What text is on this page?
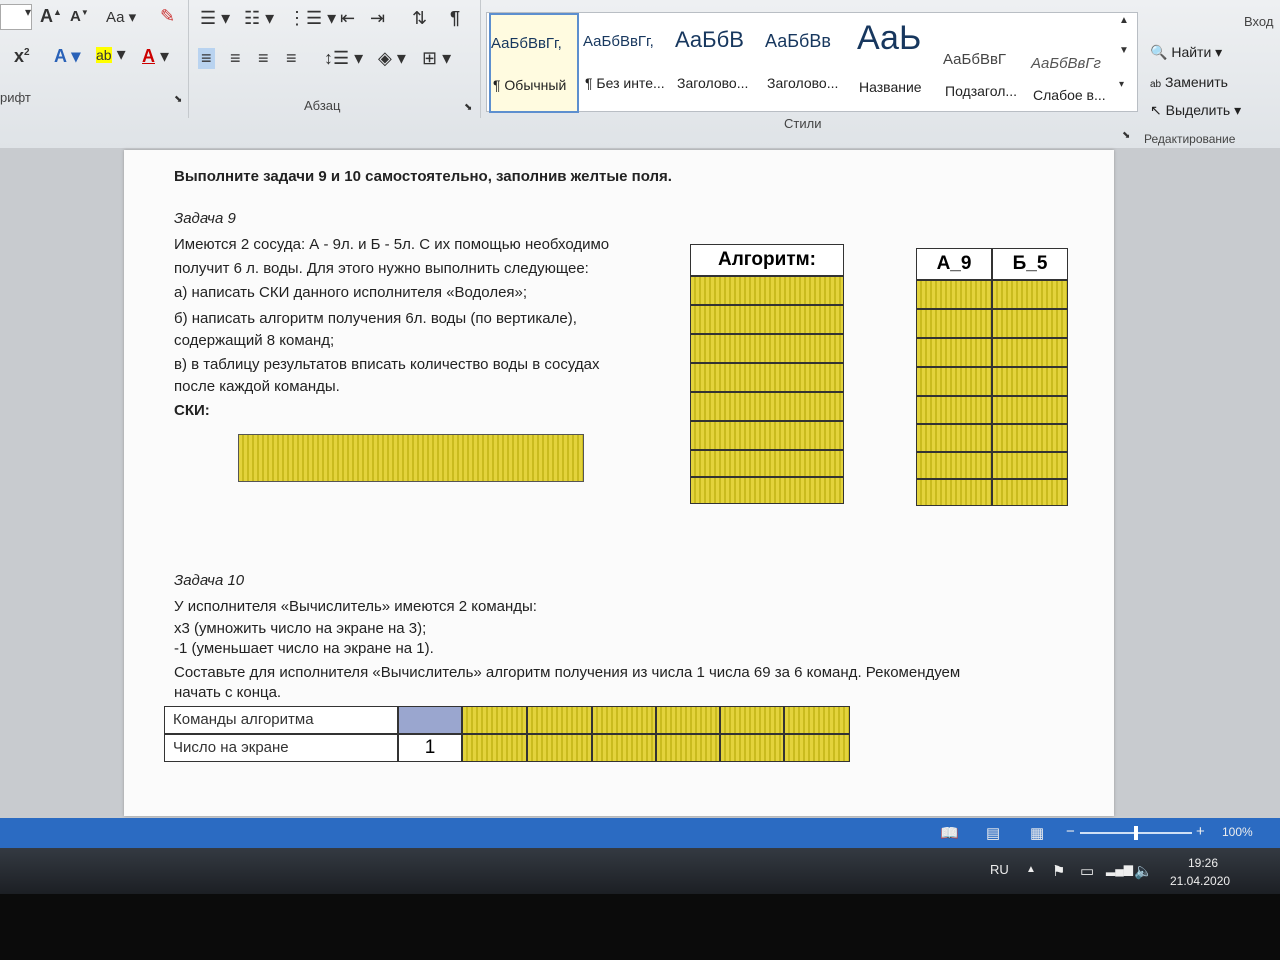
▾ A▲ A▼ Аа ▾ ✎
$x^2$ A ▾ ab ▾ A ▾
рифт	⬊
☰ ▾ ☷ ▾ ⋮☰ ▾ ⇤ ⇥ ⇅ ¶
≡ ≡ ≡ ≡ ↕☰ ▾ ◈ ▾ ⊞ ▾
Абзац	⬊
АаБбВвГг,
¶ Обычный
АаБбВвГг,
¶ Без инте...
АаБбВ
Заголово...
АаБбВв
Заголово...
АаЬ
Название
АаБбВвГ
Подзагол...
АаБбВвГг
Слабое в...
▲
▼
▾
Стили
⬊
🔍 Найти ▾
ab Заменить
↖ Выделить ▾
Редактирование
Вход
Выполните задачи 9 и 10 самостоятельно, заполнив желтые поля.
Задача 9
Имеются 2 сосуда: А - 9л. и Б - 5л. С их помощью необходимо
получит 6 л. воды. Для этого нужно выполнить следующее:
а) написать СКИ данного исполнителя «Водолея»;
б) написать алгоритм получения 6л. воды (по вертикале),
содержащий 8 команд;
в) в таблицу результатов вписать количество воды в сосудах
после каждой команды.
СКИ:
Алгоритм:	А_9	Б_5
Задача 10
У исполнителя «Вычислитель» имеются 2 команды:
x3 (умножить число на экране на 3);
-1 (уменьшает число на экране на 1).
Составьте для исполнителя «Вычислитель» алгоритм получения из числа 1 числа 69 за 6 команд. Рекомендуем
начать с конца.
Команды алгоритма
Число на экране	1
📖 ▤ ▦ −	+ 100%
RU ▲ ⚑ ▭ ▂▄▆ 🔈	19:26
21.04.2020
